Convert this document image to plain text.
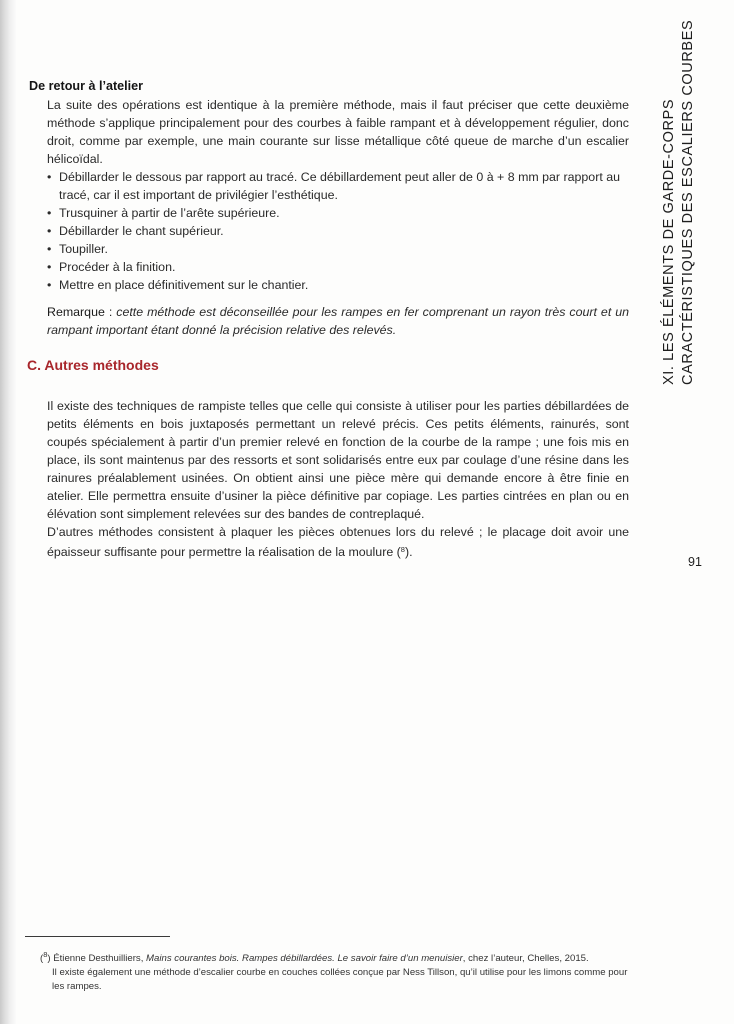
De retour à l’atelier

La suite des opérations est identique à la première méthode, mais il faut préciser que cette deuxième méthode s’applique principalement pour des courbes à faible rampant et à développement régulier, donc droit, comme par exemple, une main courante sur lisse métallique côté queue de marche d’un escalier hélicoïdal.

• Débillarder le dessous par rapport au tracé. Ce débillardement peut aller de 0 à + 8 mm par rapport au tracé, car il est important de privilégier l’esthétique.
• Trusquiner à partir de l’arête supérieure.
• Débillarder le chant supérieur.
• Toupiller.
• Procéder à la finition.
• Mettre en place définitivement sur le chantier.

Remarque : cette méthode est déconseillée pour les rampes en fer comprenant un rayon très court et un rampant important étant donné la précision relative des relevés.

C. Autres méthodes

Il existe des techniques de rampiste telles que celle qui consiste à utiliser pour les parties débillardées de petits éléments en bois juxtaposés permettant un relevé précis. Ces petits éléments, rainurés, sont coupés spécialement à partir d’un premier relevé en fonction de la courbe de la rampe ; une fois mis en place, ils sont maintenus par des ressorts et sont solidarisés entre eux par coulage d’une résine dans les rainures préalablement usinées. On obtient ainsi une pièce mère qui demande encore à être finie en atelier. Elle permettra ensuite d’usiner la pièce définitive par copiage. Les parties cintrées en plan ou en élévation sont simplement relevées sur des bandes de contreplaqué.

D’autres méthodes consistent à plaquer les pièces obtenues lors du relevé ; le placage doit avoir une épaisseur suffisante pour permettre la réalisation de la moulure ($^8$).

XI. LES ÉLÉMENTS DE GARDE-CORPS CARACTÉRISTIQUES DES ESCALIERS COURBES
91
($^8$) Étienne Desthuilliers, Mains courantes bois. Rampes débillardées. Le savoir faire d’un menuisier, chez l’auteur, Chelles, 2015.
Il existe également une méthode d’escalier courbe en couches collées conçue par Ness Tillson, qu’il utilise pour les limons comme pour les rampes.
